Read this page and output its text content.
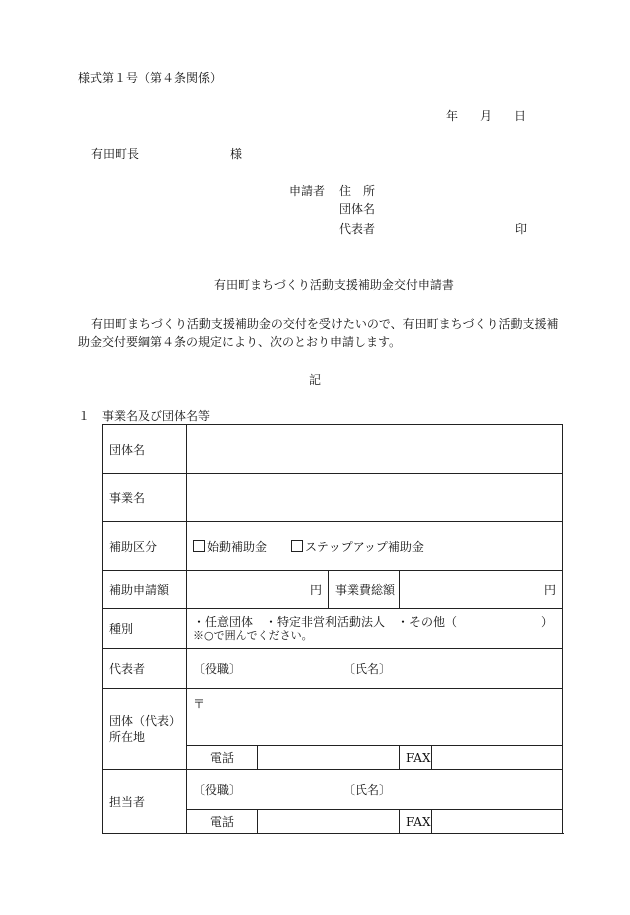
様式第１号（第４条関係）
年 月 日
有田町長	様
申請者 住　所
団体名
代表者	印
有田町まちづくり活動支援補助金交付申請書
有田町まちづくり活動支援補助金の交付を受けたいので、有田町まちづくり活動支援補
助金交付要綱第４条の規定により、次のとおり申請します。
記
１　事業名及び団体名等
団体名					
事業名					
補助区分	始動補助金 ステップアップ補助金				
補助申請額	円		事業費総額	円	
種別	・任意団体　・特定非営利活動法人　・その他（　　　　　　　）
※○で囲んでください。				

代表者	〔役職〕 〔氏名〕				

団体（代表）
所在地	〒				
	電話			FAX	
担当者	〔役職〕 〔氏名〕				
	電話			FAX	
